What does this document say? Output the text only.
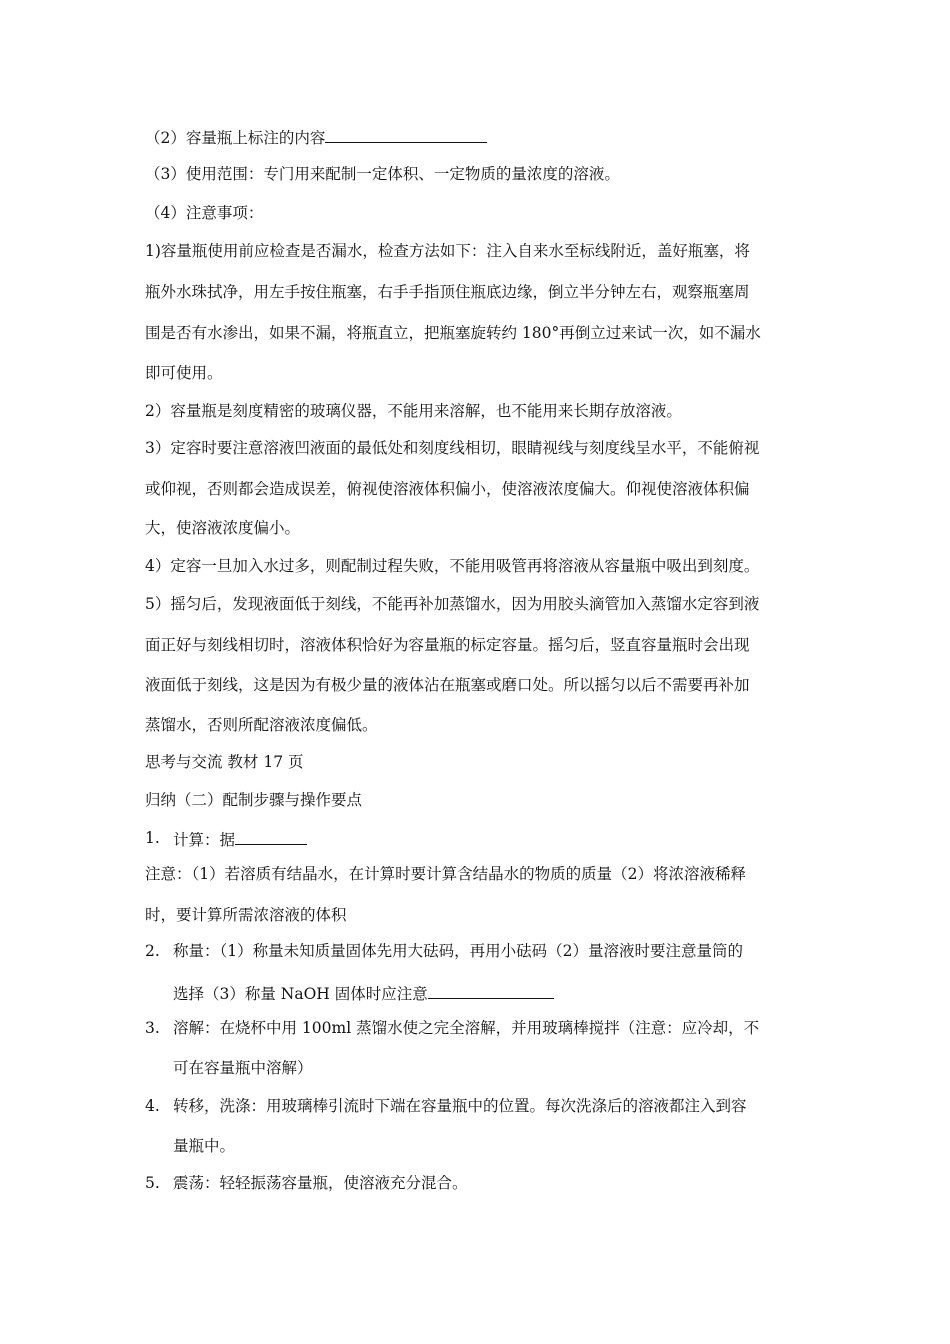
（2）容量瓶上标注的内容
（3）使用范围：专门用来配制一定体积、一定物质的量浓度的溶液。
（4）注意事项：
1)容量瓶使用前应检查是否漏水，检查方法如下：注入自来水至标线附近，盖好瓶塞，将
瓶外水珠拭净，用左手按住瓶塞，右手手指顶住瓶底边缘，倒立半分钟左右，观察瓶塞周
围是否有水渗出，如果不漏，将瓶直立，把瓶塞旋转约 180°再倒立过来试一次，如不漏水
即可使用。
2）容量瓶是刻度精密的玻璃仪器，不能用来溶解，也不能用来长期存放溶液。
3）定容时要注意溶液凹液面的最低处和刻度线相切，眼睛视线与刻度线呈水平，不能俯视
或仰视，否则都会造成误差，俯视使溶液体积偏小，使溶液浓度偏大。仰视使溶液体积偏
大，使溶液浓度偏小。
4）定容一旦加入水过多，则配制过程失败，不能用吸管再将溶液从容量瓶中吸出到刻度。
5）摇匀后，发现液面低于刻线，不能再补加蒸馏水，因为用胶头滴管加入蒸馏水定容到液
面正好与刻线相切时，溶液体积恰好为容量瓶的标定容量。摇匀后，竖直容量瓶时会出现
液面低于刻线，这是因为有极少量的液体沾在瓶塞或磨口处。所以摇匀以后不需要再补加
蒸馏水，否则所配溶液浓度偏低。
思考与交流 教材 17 页
归纳（二）配制步骤与操作要点
1. 计算：据
注意：（1）若溶质有结晶水，在计算时要计算含结晶水的物质的质量（2）将浓溶液稀释
时，要计算所需浓溶液的体积
2. 称量：（1）称量未知质量固体先用大砝码，再用小砝码（2）量溶液时要注意量筒的
选择（3）称量 NaOH 固体时应注意
3. 溶解：在烧杯中用 100ml 蒸馏水使之完全溶解，并用玻璃棒搅拌（注意：应冷却，不
可在容量瓶中溶解）
4. 转移，洗涤：用玻璃棒引流时下端在容量瓶中的位置。每次洗涤后的溶液都注入到容
量瓶中。
5. 震荡：轻轻振荡容量瓶，使溶液充分混合。
